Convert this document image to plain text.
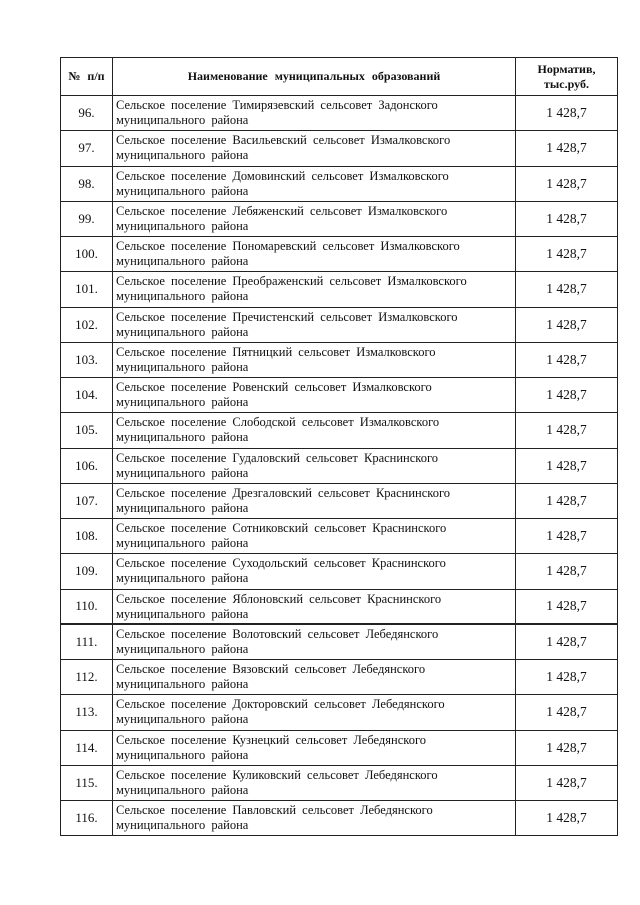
№ п/п	Наименование муниципальных образований	Норматив, тыс.руб.
96.	Сельское поселение Тимирязевский сельсовет Задонского муниципального района	1 428,7
97.	Сельское поселение Васильевский сельсовет Измалковского муниципального района	1 428,7
98.	Сельское поселение Домовинский сельсовет Измалковского муниципального района	1 428,7
99.	Сельское поселение Лебяженский сельсовет Измалковского муниципального района	1 428,7
100.	Сельское поселение Пономаревский сельсовет Измалковского муниципального района	1 428,7
101.	Сельское поселение Преображенский сельсовет Измалковского муниципального района	1 428,7
102.	Сельское поселение Пречистенский сельсовет Измалковского муниципального района	1 428,7
103.	Сельское поселение Пятницкий сельсовет Измалковского муниципального района	1 428,7
104.	Сельское поселение Ровенский сельсовет Измалковского муниципального района	1 428,7
105.	Сельское поселение Слободской сельсовет Измалковского муниципального района	1 428,7
106.	Сельское поселение Гудаловский сельсовет Краснинского муниципального района	1 428,7
107.	Сельское поселение Дрезгаловский сельсовет Краснинского муниципального района	1 428,7
108.	Сельское поселение Сотниковский сельсовет Краснинского муниципального района	1 428,7
109.	Сельское поселение Суходольский сельсовет Краснинского муниципального района	1 428,7
110.	Сельское поселение Яблоновский сельсовет Краснинского муниципального района	1 428,7
111.	Сельское поселение Волотовский сельсовет Лебедянского муниципального района	1 428,7
112.	Сельское поселение Вязовский сельсовет Лебедянского муниципального района	1 428,7
113.	Сельское поселение Докторовский сельсовет Лебедянского муниципального района	1 428,7
114.	Сельское поселение Кузнецкий сельсовет Лебедянского муниципального района	1 428,7
115.	Сельское поселение Куликовский сельсовет Лебедянского муниципального района	1 428,7
116.	Сельское поселение Павловский сельсовет Лебедянского муниципального района	1 428,7
